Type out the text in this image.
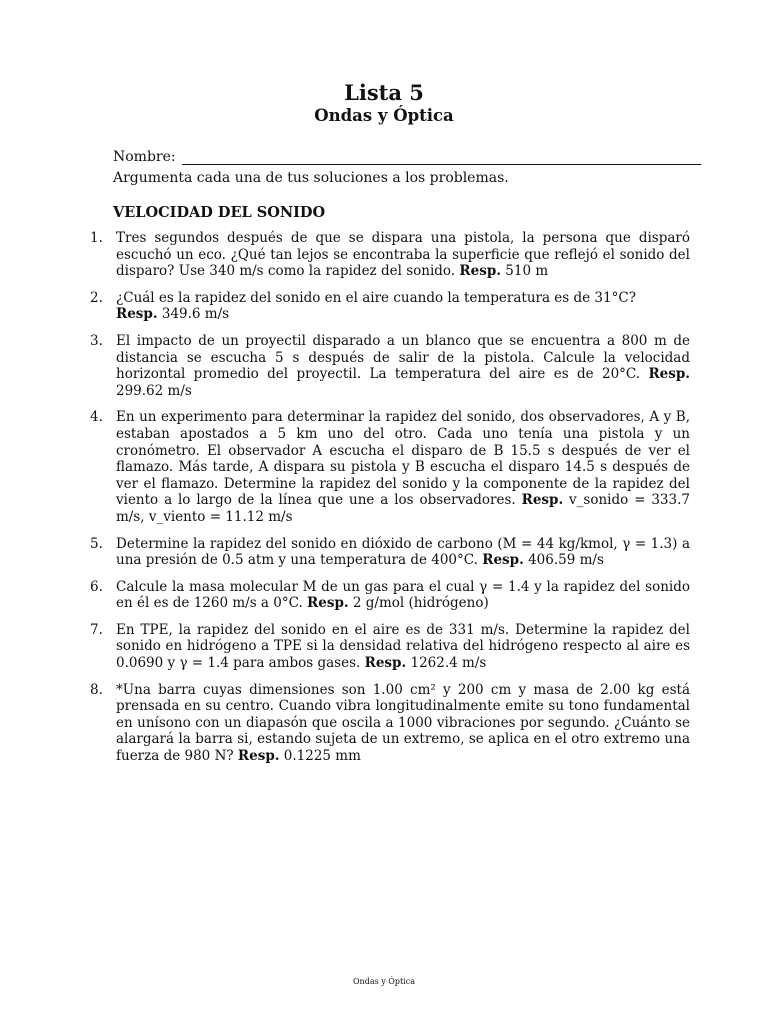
Lista 5
Ondas y Óptica
Nombre:
Argumenta cada una de tus soluciones a los problemas.
VELOCIDAD DEL SONIDO
1. Tres segundos después de que se dispara una pistola, la persona que disparó escuchó un eco. ¿Qué tan lejos se encontraba la superficie que reflejó el sonido del disparo? Use 340 m/s como la rapidez del sonido. Resp. 510 m
2. ¿Cuál es la rapidez del sonido en el aire cuando la temperatura es de 31°C?
Resp. 349.6 m/s
3. El impacto de un proyectil disparado a un blanco que se encuentra a 800 m de distancia se escucha 5 s después de salir de la pistola. Calcule la velocidad horizontal promedio del proyectil. La temperatura del aire es de 20°C. Resp. 299.62 m/s
4. En un experimento para determinar la rapidez del sonido, dos observadores, A y B, estaban apostados a 5 km uno del otro. Cada uno tenía una pistola y un cronómetro. El observador A escucha el disparo de B 15.5 s después de ver el flamazo. Más tarde, A dispara su pistola y B escucha el disparo 14.5 s después de ver el flamazo. Determine la rapidez del sonido y la componente de la rapidez del viento a lo largo de la línea que une a los observadores. Resp. v_sonido = 333.7 m/s, v_viento = 11.12 m/s
5. Determine la rapidez del sonido en dióxido de carbono (M = 44 kg/kmol, γ = 1.3) a una presión de 0.5 atm y una temperatura de 400°C. Resp. 406.59 m/s
6. Calcule la masa molecular M de un gas para el cual γ = 1.4 y la rapidez del sonido en él es de 1260 m/s a 0°C. Resp. 2 g/mol (hidrógeno)
7. En TPE, la rapidez del sonido en el aire es de 331 m/s. Determine la rapidez del sonido en hidrógeno a TPE si la densidad relativa del hidrógeno respecto al aire es 0.0690 y γ = 1.4 para ambos gases. Resp. 1262.4 m/s
8. *Una barra cuyas dimensiones son 1.00 cm² y 200 cm y masa de 2.00 kg está prensada en su centro. Cuando vibra longitudinalmente emite su tono fundamental en unísono con un diapasón que oscila a 1000 vibraciones por segundo. ¿Cuánto se alargará la barra si, estando sujeta de un extremo, se aplica en el otro extremo una fuerza de 980 N? Resp. 0.1225 mm
Ondas y Óptica
